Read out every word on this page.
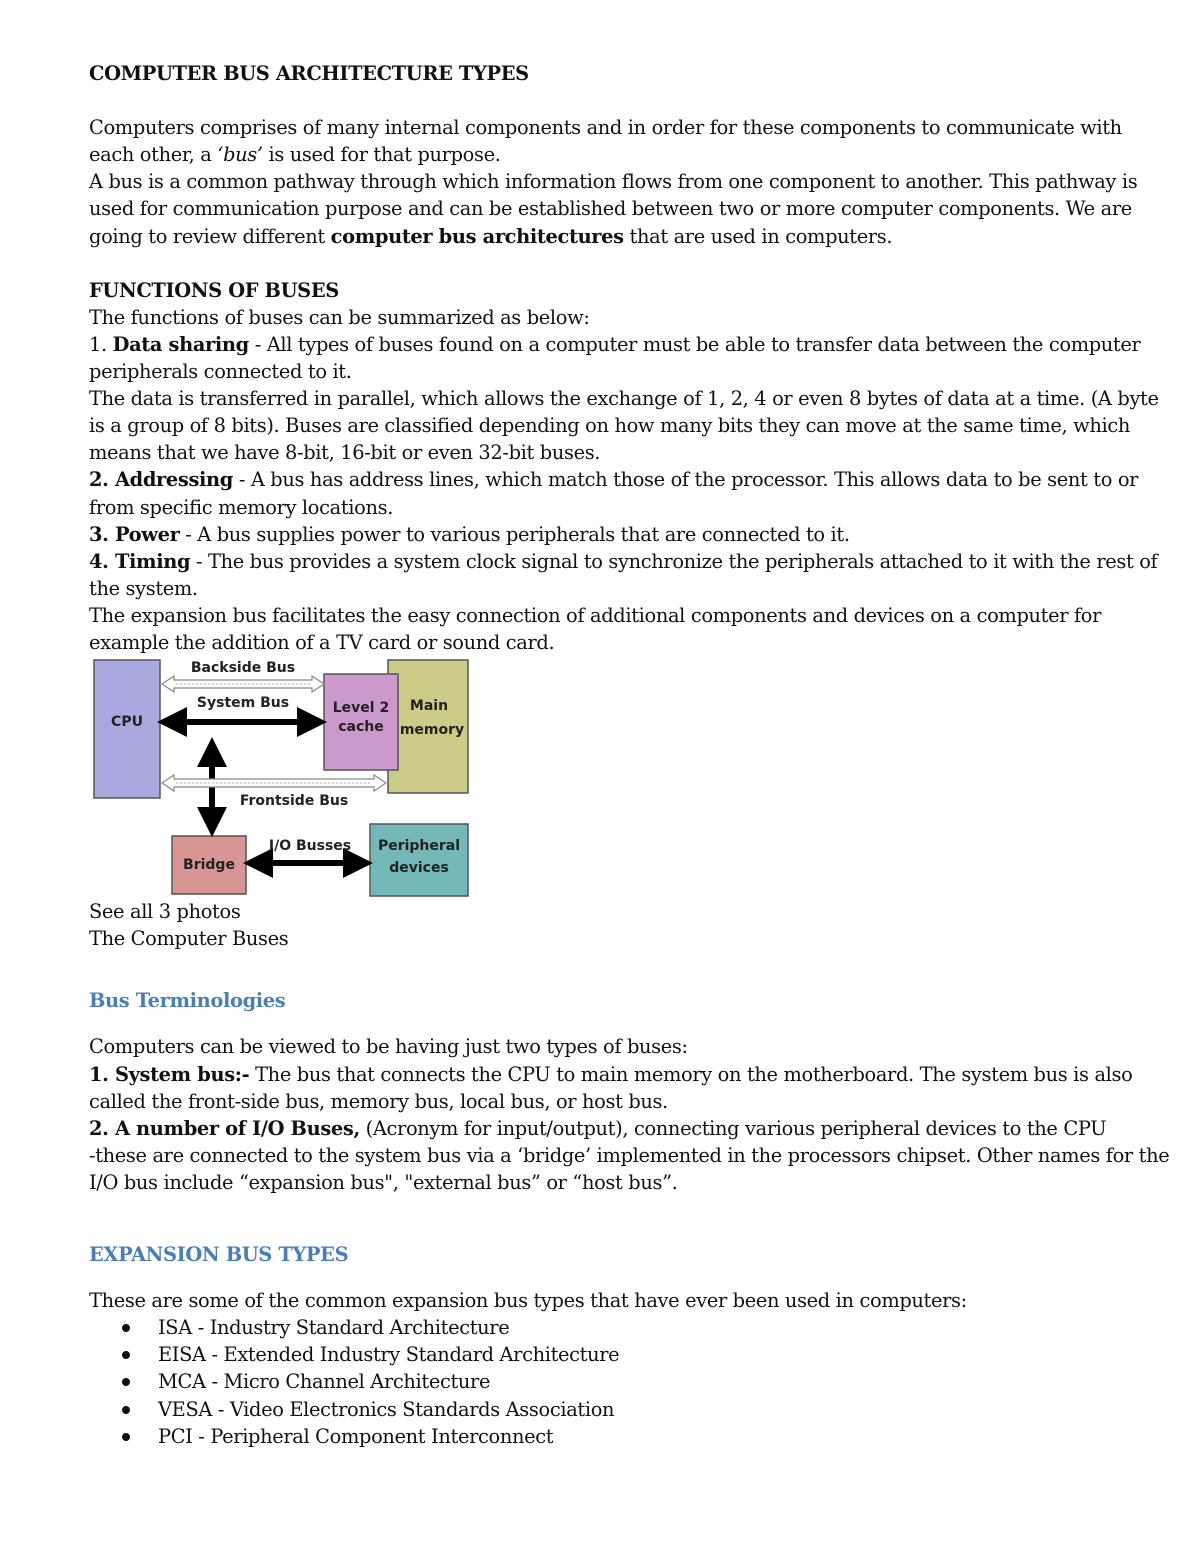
COMPUTER BUS ARCHITECTURE TYPES
Computers comprises of many internal components and in order for these components to communicate with
each other, a ‘bus’ is used for that purpose.
A bus is a common pathway through which information flows from one component to another. This pathway is
used for communication purpose and can be established between two or more computer components. We are
going to review different computer bus architectures that are used in computers.
FUNCTIONS OF BUSES
The functions of buses can be summarized as below:
1. Data sharing - All types of buses found on a computer must be able to transfer data between the computer
peripherals connected to it.
The data is transferred in parallel, which allows the exchange of 1, 2, 4 or even 8 bytes of data at a time. (A byte
is a group of 8 bits). Buses are classified depending on how many bits they can move at the same time, which
means that we have 8-bit, 16-bit or even 32-bit buses.
2. Addressing - A bus has address lines, which match those of the processor. This allows data to be sent to or
from specific memory locations.
3. Power - A bus supplies power to various peripherals that are connected to it.
4. Timing - The bus provides a system clock signal to synchronize the peripherals attached to it with the rest of
the system.
The expansion bus facilitates the easy connection of additional components and devices on a computer for
example the addition of a TV card or sound card.
CPU
Backside Bus
System Bus	Level 2
cache
Main
memory
Frontside Bus
Bridge
I/O Busses Peripheral
devices
See all 3 photos
The Computer Buses
Bus Terminologies
Computers can be viewed to be having just two types of buses:
1. System bus:- The bus that connects the CPU to main memory on the motherboard. The system bus is also
called the front-side bus, memory bus, local bus, or host bus.
2. A number of I/O Buses, (Acronym for input/output), connecting various peripheral devices to the CPU
-these are connected to the system bus via a ‘bridge’ implemented in the processors chipset. Other names for the
I/O bus include “expansion bus", "external bus” or “host bus”.
EXPANSION BUS TYPES
These are some of the common expansion bus types that have ever been used in computers:
ISA - Industry Standard Architecture
EISA - Extended Industry Standard Architecture
MCA - Micro Channel Architecture
VESA - Video Electronics Standards Association
PCI - Peripheral Component Interconnect
